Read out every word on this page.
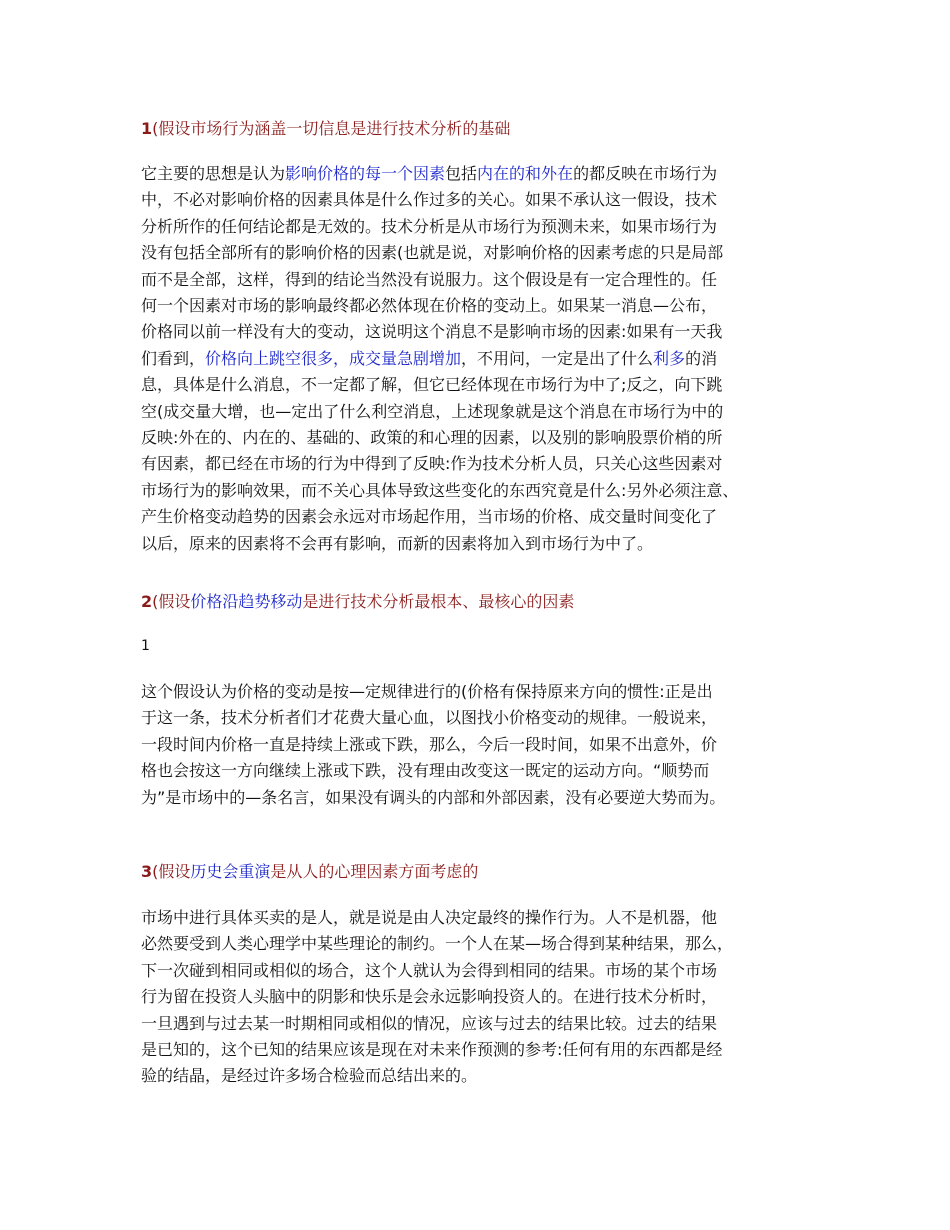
1(假设市场行为涵盖一切信息是进行技术分析的基础
它主要的思想是认为影响价格的每一个因素包括内在的和外在的都反映在市场行为
中，不必对影响价格的因素具体是什么作过多的关心。如果不承认这一假设，技术
分析所作的任何结论都是无效的。技术分析是从市场行为预测未来，如果市场行为
没有包括全部所有的影响价格的因素(也就是说，对影响价格的因素考虑的只是局部
而不是全部，这样，得到的结论当然没有说服力。这个假设是有一定合理性的。任
何一个因素对市场的影响最终都必然体现在价格的变动上。如果某一消息—公布，
价格同以前一样没有大的变动，这说明这个消息不是影响市场的因素:如果有一天我
们看到，价格向上跳空很多，成交量急剧增加，不用问，一定是出了什么利多的消
息，具体是什么消息，不一定都了解，但它已经体现在市场行为中了;反之，向下跳
空(成交量大增，也—定出了什么利空消息，上述现象就是这个消息在市场行为中的
反映:外在的、内在的、基础的、政策的和心理的因素，以及别的影响股票价梢的所
有因素，都已经在市场的行为中得到了反映:作为技术分析人员，只关心这些因素对
市场行为的影响效果，而不关心具体导致这些变化的东西究竟是什么:另外必须注意、
产生价格变动趋势的因素会永远对市场起作用，当市场的价格、成交量时间变化了
以后，原来的因素将不会再有影响，而新的因素将加入到市场行为中了。
2(假设价格沿趋势移动是进行技术分析最根本、最核心的因素
1
这个假设认为价格的变动是按—定规律进行的(价格有保持原来方向的惯性:正是出
于这一条，技术分析者们才花费大量心血，以图找小价格变动的规律。一般说来，
一段时间内价格一直是持续上涨或下跌，那么，今后一段时间，如果不出意外，价
格也会按这一方向继续上涨或下跌，没有理由改变这一既定的运动方向。“顺势而
为”是市场中的—条名言，如果没有调头的内部和外部因素，没有必要逆大势而为。
3(假设历史会重演是从人的心理因素方面考虑的
市场中进行具体买卖的是人，就是说是由人决定最终的操作行为。人不是机器，他
必然要受到人类心理学中某些理论的制约。一个人在某—场合得到某种结果，那么，
下一次碰到相同或相似的场合，这个人就认为会得到相同的结果。市场的某个市场
行为留在投资人头脑中的阴影和快乐是会永远影响投资人的。在进行技术分析时，
一旦遇到与过去某一时期相同或相似的情况，应该与过去的结果比较。过去的结果
是已知的，这个已知的结果应该是现在对未来作预测的参考:任何有用的东西都是经
验的结晶，是经过许多场合检验而总结出来的。
